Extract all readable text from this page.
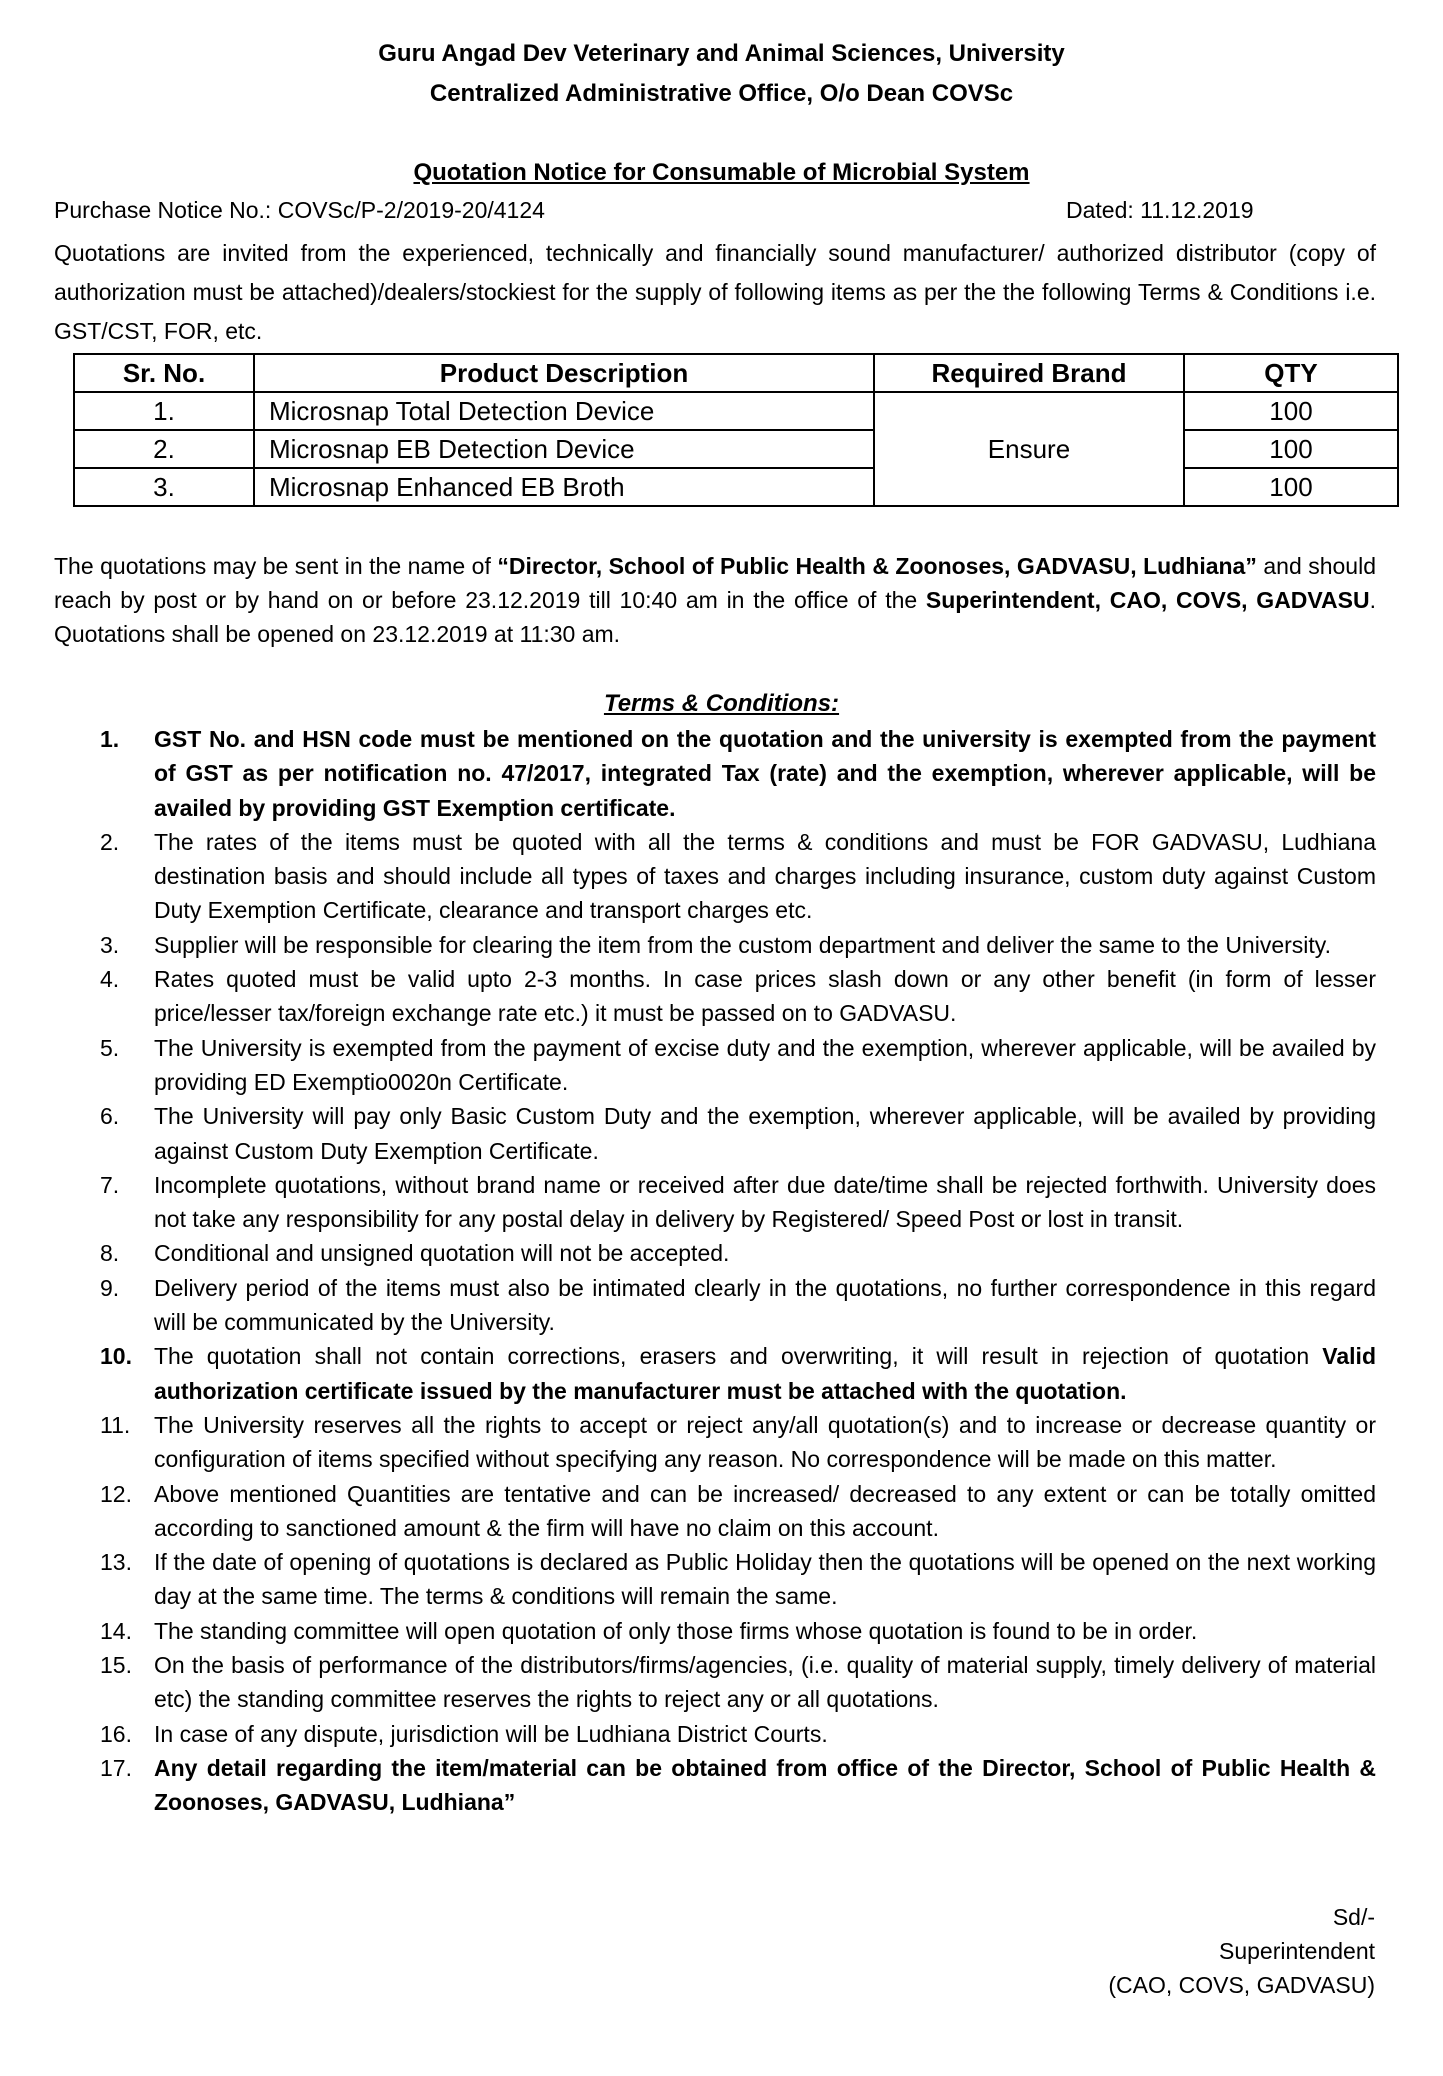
Guru Angad Dev Veterinary and Animal Sciences, University
Centralized Administrative Office, O/o Dean COVSc
Quotation Notice for Consumable of Microbial System
Purchase Notice No.: COVSc/P-2/2019-20/4124	Dated: 11.12.2019
Quotations are invited from the experienced, technically and financially sound manufacturer/ authorized distributor (copy of authorization must be attached)/dealers/stockiest for the supply of following items as per the the following Terms & Conditions i.e. GST/CST, FOR, etc.
Sr. No.	Product Description	Required Brand	QTY
1.	Microsnap Total Detection Device	Ensure	100
2.	Microsnap EB Detection Device		100
3.	Microsnap Enhanced EB Broth		100
The quotations may be sent in the name of “Director, School of Public Health & Zoonoses, GADVASU, Ludhiana” and should reach by post or by hand on or before 23.12.2019 till 10:40 am in the office of the Superintendent, CAO, COVS, GADVASU. Quotations shall be opened on 23.12.2019 at 11:30 am.
Terms & Conditions:
1.	GST No. and HSN code must be mentioned on the quotation and the university is exempted from the payment of GST as per notification no. 47/2017, integrated Tax (rate) and the exemption, wherever applicable, will be availed by providing GST Exemption certificate.
2.	The rates of the items must be quoted with all the terms & conditions and must be FOR GADVASU, Ludhiana destination basis and should include all types of taxes and charges including insurance, custom duty against Custom Duty Exemption Certificate, clearance and transport charges etc.
3.	Supplier will be responsible for clearing the item from the custom department and deliver the same to the University.
4.	Rates quoted must be valid upto 2-3 months. In case prices slash down or any other benefit (in form of lesser price/lesser tax/foreign exchange rate etc.) it must be passed on to GADVASU.
5.	The University is exempted from the payment of excise duty and the exemption, wherever applicable, will be availed by providing ED Exemptio0020n Certificate.
6.	The University will pay only Basic Custom Duty and the exemption, wherever applicable, will be availed by providing against Custom Duty Exemption Certificate.
7.	Incomplete quotations, without brand name or received after due date/time shall be rejected forthwith. University does not take any responsibility for any postal delay in delivery by Registered/ Speed Post or lost in transit.
8.	Conditional and unsigned quotation will not be accepted.
9.	Delivery period of the items must also be intimated clearly in the quotations, no further correspondence in this regard will be communicated by the University.
10. The quotation shall not contain corrections, erasers and overwriting, it will result in rejection of quotation Valid authorization certificate issued by the manufacturer must be attached with the quotation.
11.	The University reserves all the rights to accept or reject any/all quotation(s) and to increase or decrease quantity or configuration of items specified without specifying any reason. No correspondence will be made on this matter.
12. Above mentioned Quantities are tentative and can be increased/ decreased to any extent or can be totally omitted according to sanctioned amount & the firm will have no claim on this account.
13. If the date of opening of quotations is declared as Public Holiday then the quotations will be opened on the next working day at the same time. The terms & conditions will remain the same.
14. The standing committee will open quotation of only those firms whose quotation is found to be in order.
15. On the basis of performance of the distributors/firms/agencies, (i.e. quality of material supply, timely delivery of material etc) the standing committee reserves the rights to reject any or all quotations.
16. In case of any dispute, jurisdiction will be Ludhiana District Courts.
17. Any detail regarding the item/material can be obtained from office of the Director, School of Public Health & Zoonoses, GADVASU, Ludhiana”
Sd/-
Superintendent
(CAO, COVS, GADVASU)
